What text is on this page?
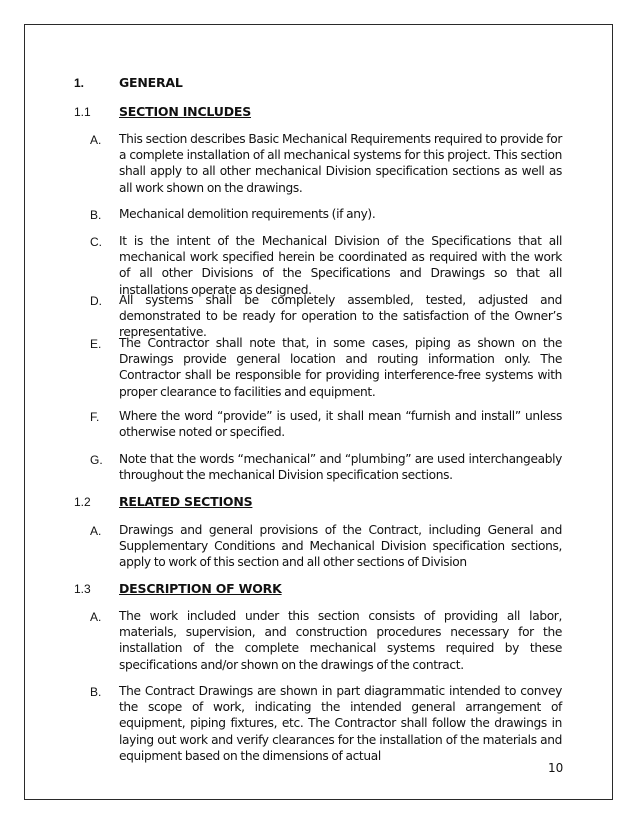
1.	GENERAL
1.1 SECTION INCLUDES
A. This section describes Basic Mechanical Requirements required to provide for a complete installation of all mechanical systems for this project. This section shall apply to all other mechanical Division specification sections as well as all work shown on the drawings.
B. Mechanical demolition requirements (if any).
C. It is the intent of the Mechanical Division of the Specifications that all mechanical work specified herein be coordinated as required with the work of all other Divisions of the Specifications and Drawings so that all installations operate as designed.
D. All systems shall be completely assembled, tested, adjusted and demonstrated to be ready for operation to the satisfaction of the Owner’s representative.
E. The Contractor shall note that, in some cases, piping as shown on the Drawings provide general location and routing information only. The Contractor shall be responsible for providing interference-free systems with proper clearance to facilities and equipment.
F. Where the word “provide” is used, it shall mean “furnish and install” unless otherwise noted or specified.
G. Note that the words “mechanical” and “plumbing” are used interchangeably throughout the mechanical Division specification sections.
1.2 RELATED SECTIONS
A. Drawings and general provisions of the Contract, including General and Supplementary Conditions and Mechanical Division specification sections, apply to work of this section and all other sections of Division
1.3 DESCRIPTION OF WORK
A. The work included under this section consists of providing all labor, materials, supervision, and construction procedures necessary for the installation of the complete mechanical systems required by these specifications and/or shown on the drawings of the contract.
B. The Contract Drawings are shown in part diagrammatic intended to convey the scope of work, indicating the intended general arrangement of equipment, piping fixtures, etc. The Contractor shall follow the drawings in laying out work and verify clearances for the installation of the materials and equipment based on the dimensions of actual
10
